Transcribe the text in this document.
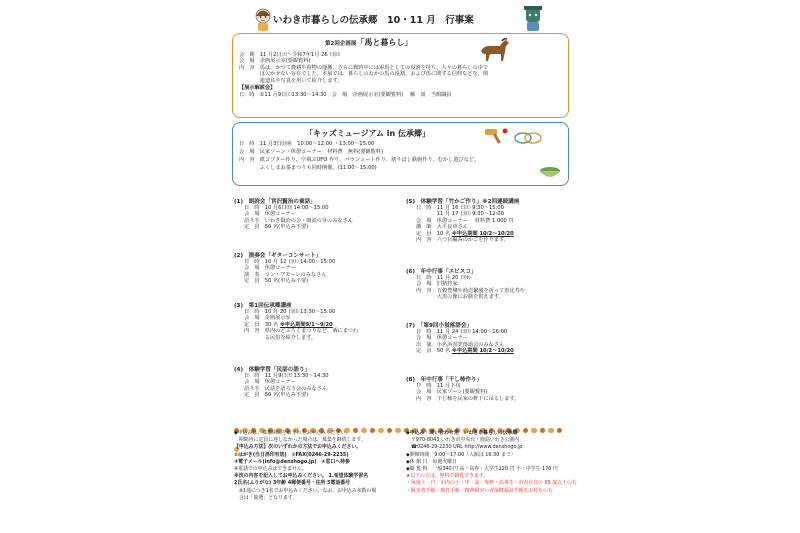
いわき市暮らしの伝承郷　10・11 月　行事案
第2回企画展「馬と暮らし」
会　期　11 月2日㈯～令和7年1月 26 日㈰
会　場　企画展示室(要観覧料)
内　容　馬は、かつて農耕や荷物の運搬、さらに戦時中には軍馬としての役割を持ち、人々の暮らしの中で
　　　　は欠かせない存在でした。本展では、暮らしのなかの馬の役割、および馬に関する信仰などを、関
　　　　連道具や写真を用いて紹介します。
【展示解説会】
日　時　①11 月9日㈯13:30～14:30　会　場　企画展示室(要観覧料)　 解　説　当館職員
「キッズミュージアム in 伝承郷」
日　時　11 月3日㈰㊗　10:00～12:00 ・13:00～15:00
会　場　民家ゾーン・休憩コーナー　材料費　無料(要観覧料)
内　容　紙コプター作り、空飛ぶUFO 作り、パラシュート作り、割りばし鉄砲作り、むかし遊びなど。
　　　　ふくしまお茶まつりも同時開催。(11:00～15:00)
(1)　朗読会「宮沢賢治の童話」
日　時　10 月6日㈰ 14:00～15:00
会　場　休憩コーナー
語り手　いわき賢治の会・朗読の芽のみなさん
定　員　50 名(申込み不要)
(2)　演奏会「ギターコンサート」
日　時　10 月 12 日㈯ 14:00～15:00
会　場　休憩コーナー
演　奏　コン・アモーレのみなさん
定　員　50 名(申込み不要)
(3)　第1回伝承郷講座
日　時　10 月 20 日㈰ 13:30～15:00
会　場　企画展示室
定　員　30 名 ※申込期間9/1～9/20
内　容　県内のどぶろくまつりなど、酒にまつわ
　　　　る民俗を紹介します。
(4)　体験学習「民話の語り」
日　時　11 月9日㈯ 13:30～14:30
会　場　休憩コーナー
語り手　民話を語ろう会のみなさん
定　員　50 名(申込み不要)
(5)　体験学習「竹かご作り」※2回連続講座
日　時　11 月 16 日㈯ 9:30～15:00
　　　　11 月 17 日㈰ 9:30～12:00
会　場　休憩コーナー　 材料費 1,000 円
講　師　大平良章さん
定　員　10 名 ※申込期間 10/2～10/20
内　容　六つ目編みのかごを作ります。
(6)　年中行事「エビスコ」
日　時　11 月 20 日㈬
会　場　旧猪狩家
内　容　五穀豊穣や商売繁盛を祈って恵比寿や
　　　　大黒の像にお膳を供えます。
(7)　「第9回小蛍落語会」
日　時　11 月 24 日㈰ 14:00～16:00
会　場　休憩コーナー
出　演　小名浜蛍笑落語会のみなさん
定　員　50 名 ※申込期間 10/2～10/20
(8)　年中行事「干し柿作り」
日　時　11 月下旬
会　場　民家ゾーン(要観覧料)
内　容　干し柿を民家の軒下に吊るします。
◆申込みは、募集期間を厳守の上お申込みください。
　期間内に定員に達しなかった場合は、募集を継続します。
【申込み方法】次のいずれかの方法でお申込みください。
①はがき(当日消印有効)　②FAX(0246-29-2235)
③電子メール(info@denshogo.jp)　④窓口へ持参
※電話での申込みはできません。
※次の内容を記入してお申込みください。 1.希望体験学習名
2氏名(ふりがな) 3年齢 4郵便番号・住所 5電話番号
　※1通につき1名でお申込みください。なお、お申込み多数の場
　合は「抽選」となります。
◆申込み・問い合わせ先　いわき市暮らしの伝承郷
　〒970-8043 いわき市中央台・鹿島いわき公園内
　☎0246-29-2230 URL http://www.denshogo.jp
◆開館時間　9:00～17:00（入館は 16:30 まで）
◆休 館 日　毎週火曜日
◆観 覧 料　一般340 円 高・高専・大学生220 円 小・中学生 170 円
★以下の方は、無料で観覧できます。
・毎週土・日、市内の小・中・高・専修・高専生・市内在住の 65 歳以上の方
・障害者手帳・療育手帳・精神障がい者保健福祉手帳をお持ちの方
